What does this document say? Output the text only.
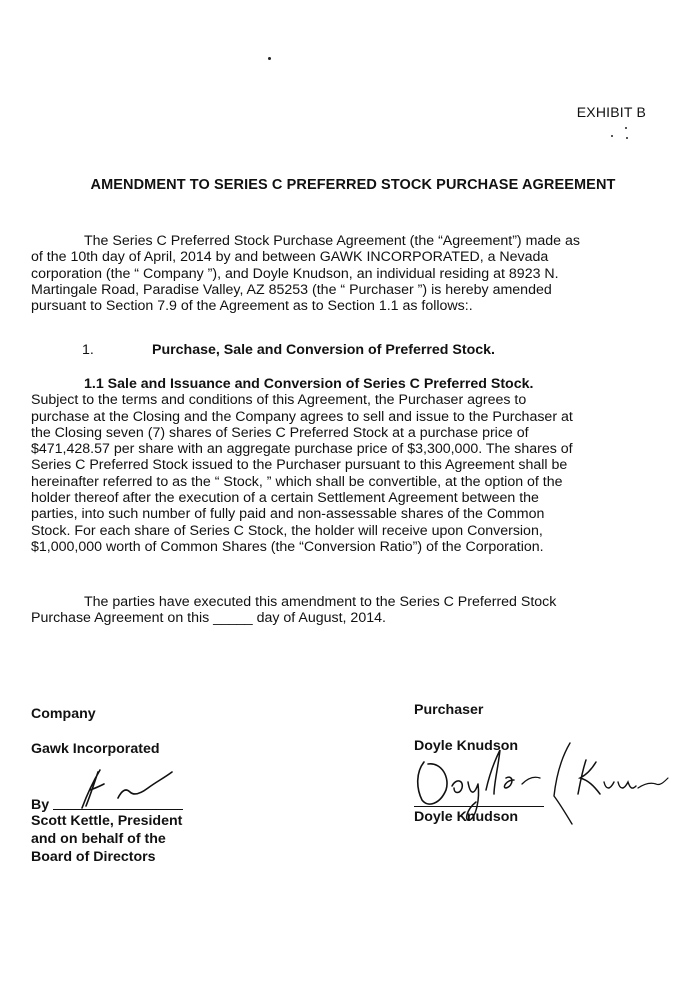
EXHIBIT B
AMENDMENT TO SERIES C PREFERRED STOCK PURCHASE AGREEMENT
The Series C Preferred Stock Purchase Agreement (the “Agreement”) made as
of the 10th day of April, 2014 by and between GAWK INCORPORATED, a Nevada
corporation (the “ Company ”), and Doyle Knudson, an individual residing at 8923 N.
Martingale Road, Paradise Valley, AZ 85253 (the “ Purchaser ”) is hereby amended
pursuant to Section 7.9 of the Agreement as to Section 1.1 as follows:.
1.	Purchase, Sale and Conversion of Preferred Stock.
1.1 Sale and Issuance and Conversion of Series C Preferred Stock.
Subject to the terms and conditions of this Agreement, the Purchaser agrees to
purchase at the Closing and the Company agrees to sell and issue to the Purchaser at
the Closing seven (7) shares of Series C Preferred Stock at a purchase price of
$471,428.57 per share with an aggregate purchase price of $3,300,000. The shares of
Series C Preferred Stock issued to the Purchaser pursuant to this Agreement shall be
hereinafter referred to as the “ Stock, ” which shall be convertible, at the option of the
holder thereof after the execution of a certain Settlement Agreement between the
parties, into such number of fully paid and non-assessable shares of the Common
Stock. For each share of Series C Stock, the holder will receive upon Conversion,
$1,000,000 worth of Common Shares (the “Conversion Ratio”) of the Corporation.
The parties have executed this amendment to the Series C Preferred Stock
Purchase Agreement on this _____ day of August, 2014.
Company
Gawk Incorporated
By
Scott Kettle, President
and on behalf of the
Board of Directors
Purchaser
Doyle Knudson
Doyle Knudson
